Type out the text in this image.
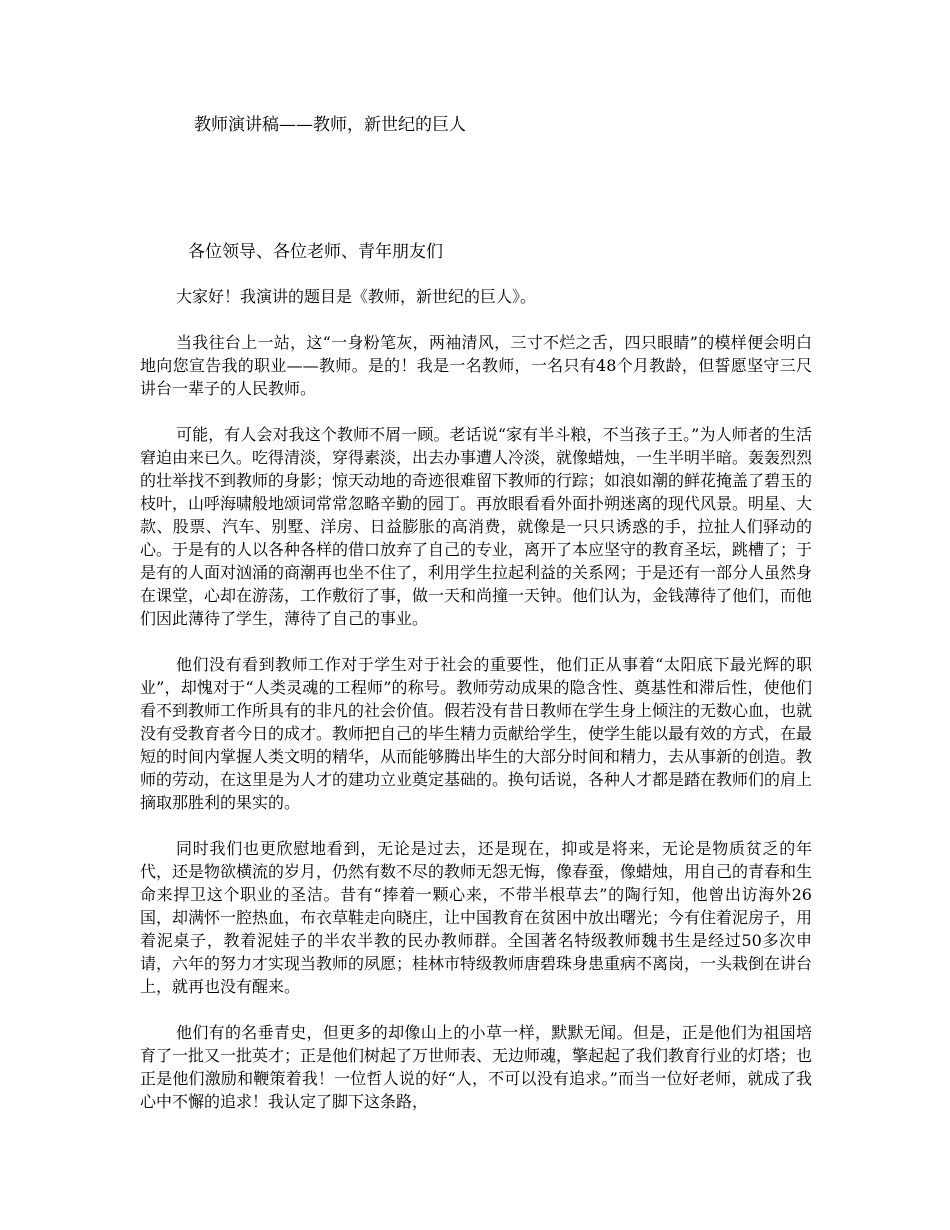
教师演讲稿——教师，新世纪的巨人
各位领导、各位老师、青年朋友们

大家好！我演讲的题目是《教师，新世纪的巨人》。

当我往台上一站，这“一身粉笔灰，两袖清风，三寸不烂之舌，四只眼睛”的模样便会明白地向您宣告我的职业——教师。是的！我是一名教师，一名只有48个月教龄，但誓愿坚守三尺讲台一辈子的人民教师。

可能，有人会对我这个教师不屑一顾。老话说“家有半斗粮，不当孩子王。”为人师者的生活窘迫由来已久。吃得清淡，穿得素淡，出去办事遭人冷淡，就像蜡烛，一生半明半暗。轰轰烈烈的壮举找不到教师的身影；惊天动地的奇迹很难留下教师的行踪；如浪如潮的鲜花掩盖了碧玉的枝叶，山呼海啸般地颂词常常忽略辛勤的园丁。再放眼看看外面扑朔迷离的现代风景。明星、大款、股票、汽车、别墅、洋房、日益膨胀的高消费，就像是一只只诱惑的手，拉扯人们驿动的心。于是有的人以各种各样的借口放弃了自己的专业，离开了本应坚守的教育圣坛，跳槽了；于是有的人面对汹涌的商潮再也坐不住了，利用学生拉起利益的关系网；于是还有一部分人虽然身在课堂，心却在游荡，工作敷衍了事，做一天和尚撞一天钟。他们认为，金钱薄待了他们，而他们因此薄待了学生，薄待了自己的事业。

他们没有看到教师工作对于学生对于社会的重要性，他们正从事着“太阳底下最光辉的职业”，却愧对于“人类灵魂的工程师”的称号。教师劳动成果的隐含性、奠基性和滞后性，使他们看不到教师工作所具有的非凡的社会价值。假若没有昔日教师在学生身上倾注的无数心血，也就没有受教育者今日的成才。教师把自己的毕生精力贡献给学生，使学生能以最有效的方式，在最短的时间内掌握人类文明的精华，从而能够腾出毕生的大部分时间和精力，去从事新的创造。教师的劳动，在这里是为人才的建功立业奠定基础的。换句话说，各种人才都是踏在教师们的肩上摘取那胜利的果实的。

同时我们也更欣慰地看到，无论是过去，还是现在，抑或是将来，无论是物质贫乏的年代，还是物欲横流的岁月，仍然有数不尽的教师无怨无悔，像春蚕，像蜡烛，用自己的青春和生命来捍卫这个职业的圣洁。昔有“捧着一颗心来，不带半根草去”的陶行知，他曾出访海外26国，却满怀一腔热血，布衣草鞋走向晓庄，让中国教育在贫困中放出曙光；今有住着泥房子，用着泥桌子，教着泥娃子的半农半教的民办教师群。全国著名特级教师魏书生是经过50多次申请，六年的努力才实现当教师的夙愿；桂林市特级教师唐碧珠身患重病不离岗，一头栽倒在讲台上，就再也没有醒来。

他们有的名垂青史，但更多的却像山上的小草一样，默默无闻。但是，正是他们为祖国培育了一批又一批英才；正是他们树起了万世师表、无边师魂，擎起起了我们教育行业的灯塔；也正是他们激励和鞭策着我！一位哲人说的好“人，不可以没有追求。”而当一位好老师，就成了我心中不懈的追求！我认定了脚下这条路，
